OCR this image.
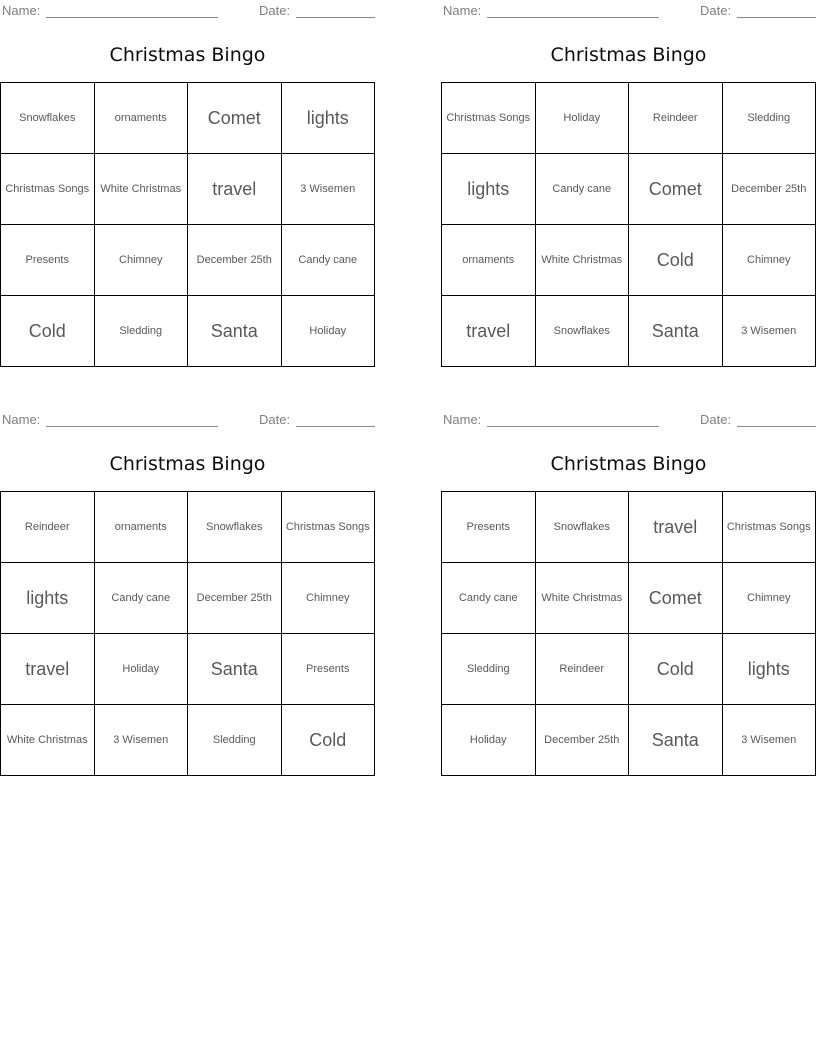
Name:	Date:
Christmas Bingo
Snowflakes	ornaments	Comet	lights
Christmas Songs	White Christmas	travel	3 Wisemen
Presents	Chimney	December 25th	Candy cane
Cold	Sledding	Santa	Holiday
Name:	Date:
Christmas Bingo
Christmas Songs	Holiday	Reindeer	Sledding
lights	Candy cane	Comet	December 25th
ornaments	White Christmas	Cold	Chimney
travel	Snowflakes	Santa	3 Wisemen
Name:	Date:
Christmas Bingo
Reindeer	ornaments	Snowflakes	Christmas Songs
lights	Candy cane	December 25th	Chimney
travel	Holiday	Santa	Presents
White Christmas	3 Wisemen	Sledding	Cold
Name:	Date:
Christmas Bingo
Presents	Snowflakes	travel	Christmas Songs
Candy cane	White Christmas	Comet	Chimney
Sledding	Reindeer	Cold	lights
Holiday	December 25th	Santa	3 Wisemen
